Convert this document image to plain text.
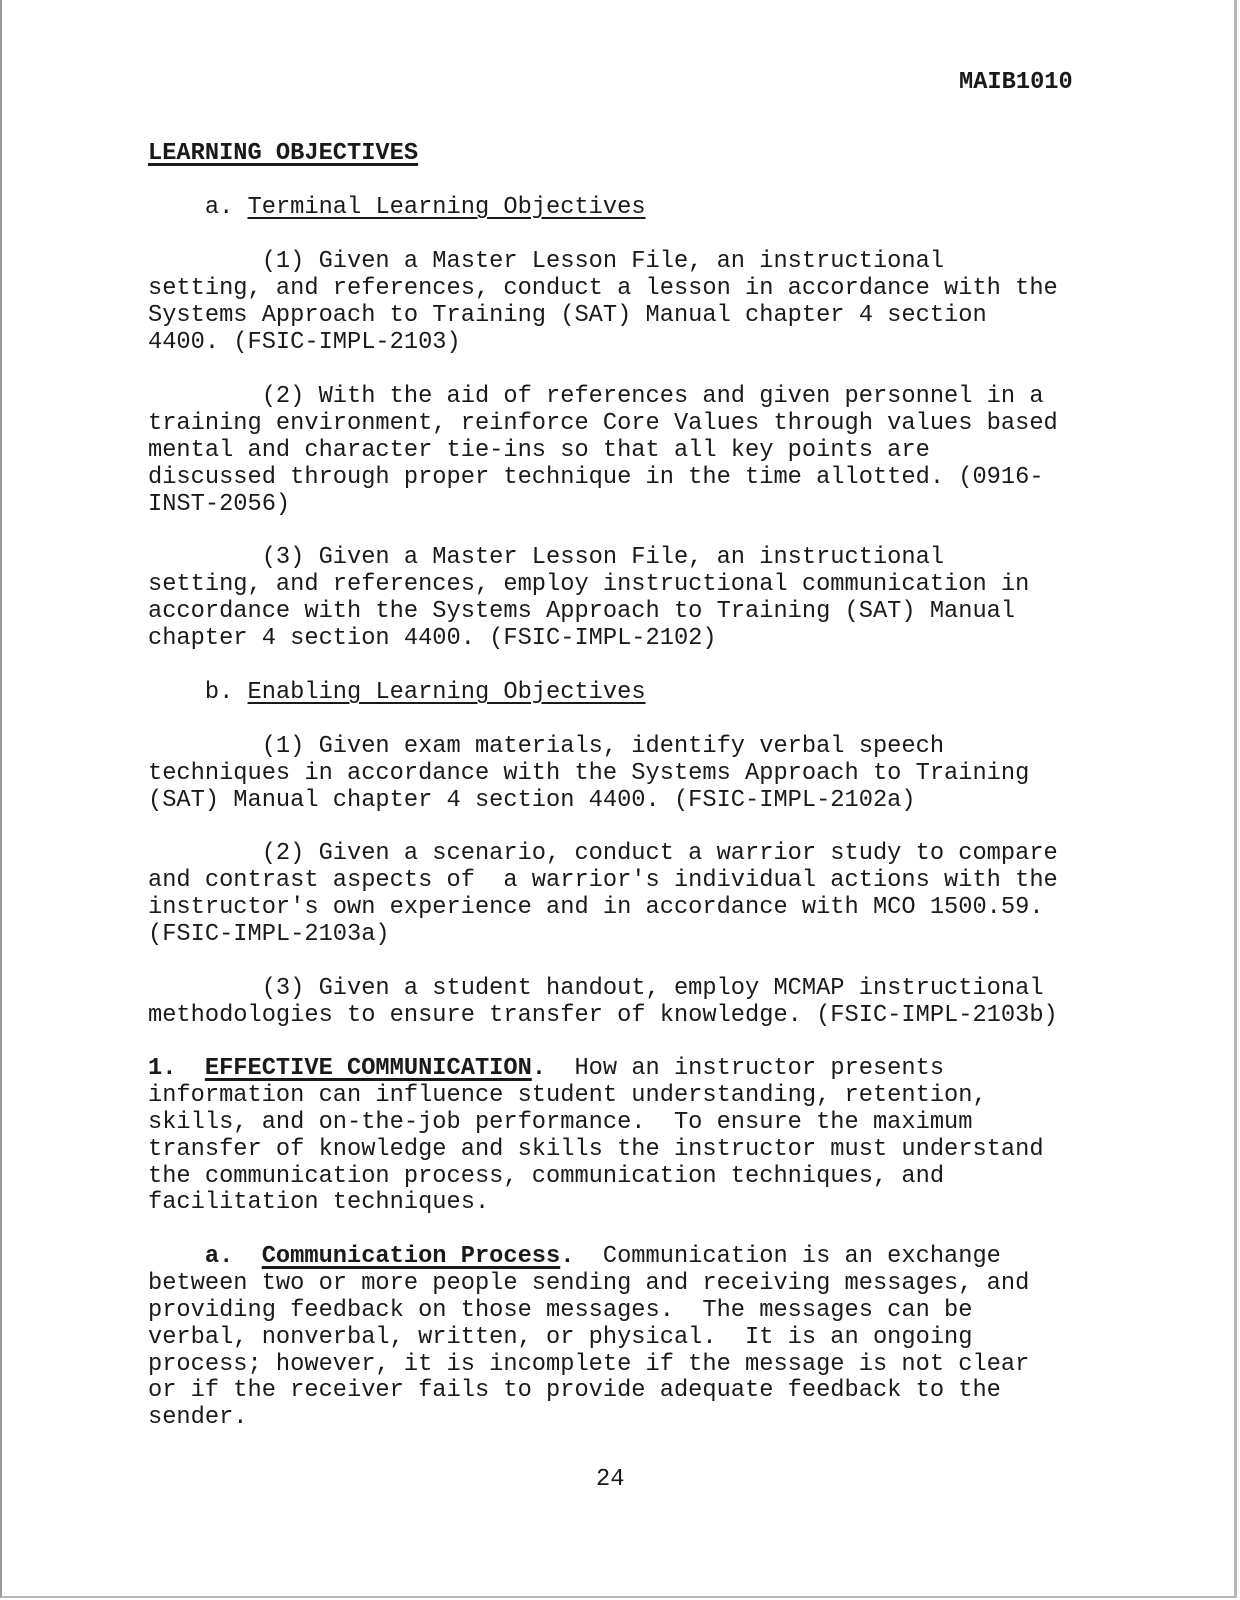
MAIB1010
LEARNING OBJECTIVES
a. Terminal Learning Objectives
(1) Given a Master Lesson File, an instructional
setting, and references, conduct a lesson in accordance with the
Systems Approach to Training (SAT) Manual chapter 4 section
4400. (FSIC-IMPL-2103)
(2) With the aid of references and given personnel in a
training environment, reinforce Core Values through values based
mental and character tie-ins so that all key points are
discussed through proper technique in the time allotted. (0916-
INST-2056)
(3) Given a Master Lesson File, an instructional
setting, and references, employ instructional communication in
accordance with the Systems Approach to Training (SAT) Manual
chapter 4 section 4400. (FSIC-IMPL-2102)
b. Enabling Learning Objectives
(1) Given exam materials, identify verbal speech
techniques in accordance with the Systems Approach to Training
(SAT) Manual chapter 4 section 4400. (FSIC-IMPL-2102a)
(2) Given a scenario, conduct a warrior study to compare
and contrast aspects of  a warrior's individual actions with the
instructor's own experience and in accordance with MCO 1500.59.
(FSIC-IMPL-2103a)
(3) Given a student handout, employ MCMAP instructional
methodologies to ensure transfer of knowledge. (FSIC-IMPL-2103b)
1.  EFFECTIVE COMMUNICATION.  How an instructor presents
information can influence student understanding, retention,
skills, and on-the-job performance.  To ensure the maximum
transfer of knowledge and skills the instructor must understand
the communication process, communication techniques, and
facilitation techniques.
a.  Communication Process.  Communication is an exchange
between two or more people sending and receiving messages, and
providing feedback on those messages.  The messages can be
verbal, nonverbal, written, or physical.  It is an ongoing
process; however, it is incomplete if the message is not clear
or if the receiver fails to provide adequate feedback to the
sender.
24
